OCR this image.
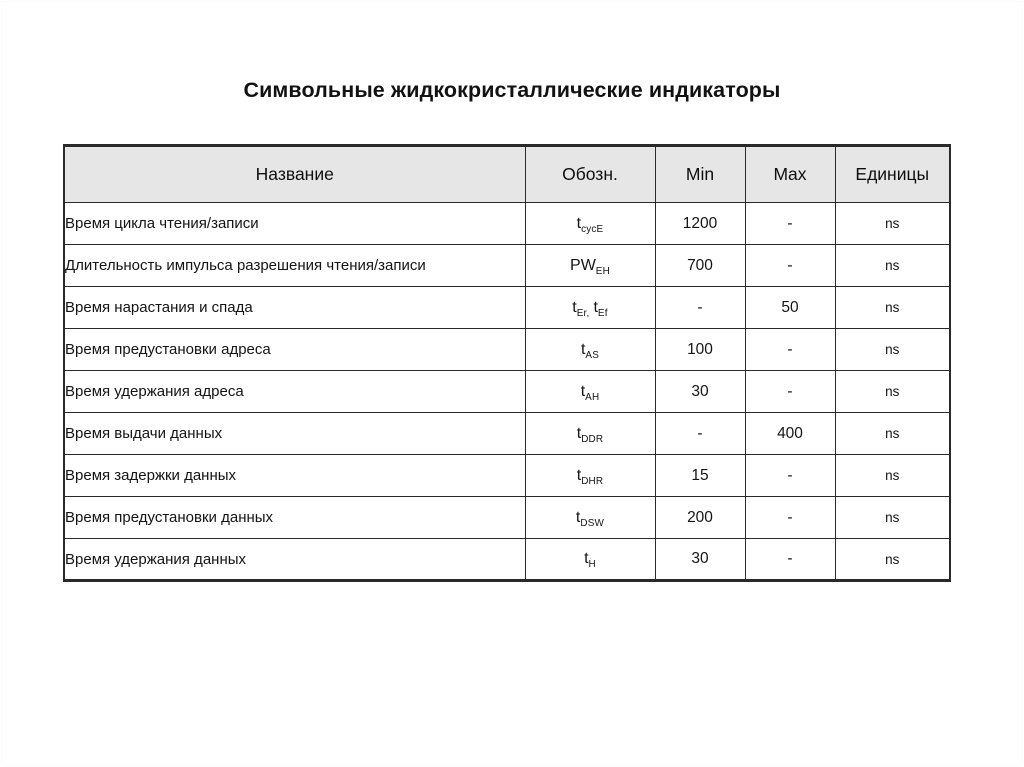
Символьные жидкокристаллические индикаторы
Название	Обозн.	Min	Max	Единицы
Время цикла чтения/записи	$t_{cycE}$	1200	-	ns
Длительность импульса разрешения чтения/записи	$PW_{EH}$	700	-	ns
Время нарастания и спада	$t_{Er,}$ $t_{Ef}$	-	50	ns
Время предустановки адреса	$t_{AS}$	100	-	ns
Время удержания адреса	$t_{AH}$	30	-	ns
Время выдачи данных	$t_{DDR}$	-	400	ns
Время задержки данных	$t_{DHR}$	15	-	ns
Время предустановки данных	$t_{DSW}$	200	-	ns
Время удержания данных	$t_H$	30	-	ns
